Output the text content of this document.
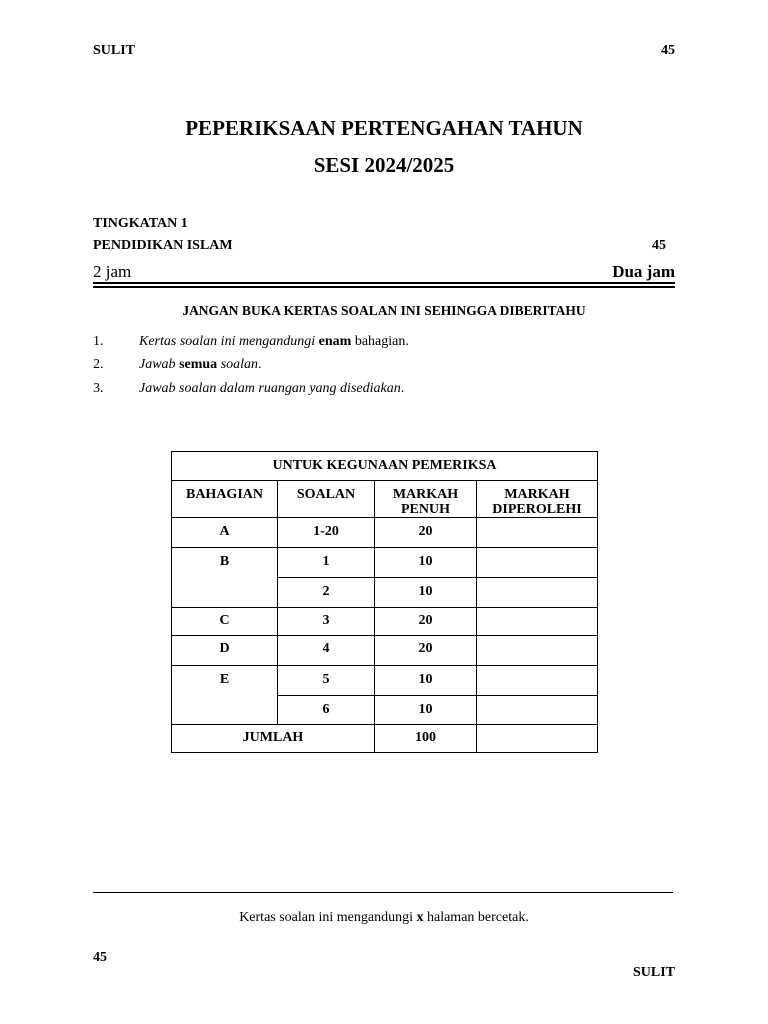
SULIT	45
PEPERIKSAAN PERTENGAHAN TAHUN
SESI 2024/2025
TINGKATAN 1
PENDIDIKAN ISLAM	45
2 jam	Dua jam
JANGAN BUKA KERTAS SOALAN INI SEHINGGA DIBERITAHU
1.	Kertas soalan ini mengandungi enam bahagian.
2.	Jawab semua soalan.
3.	Jawab soalan dalam ruangan yang disediakan.
UNTUK KEGUNAAN PEMERIKSA			
BAHAGIAN	SOALAN	MARKAH PENUH	MARKAH DIPEROLEHI
A	1-20	20	
B	1	10	
	2	10	
C	3	20	
D	4	20	
E	5	10	
	6	10	
JUMLAH		100	
Kertas soalan ini mengandungi x halaman bercetak.
45
SULIT
